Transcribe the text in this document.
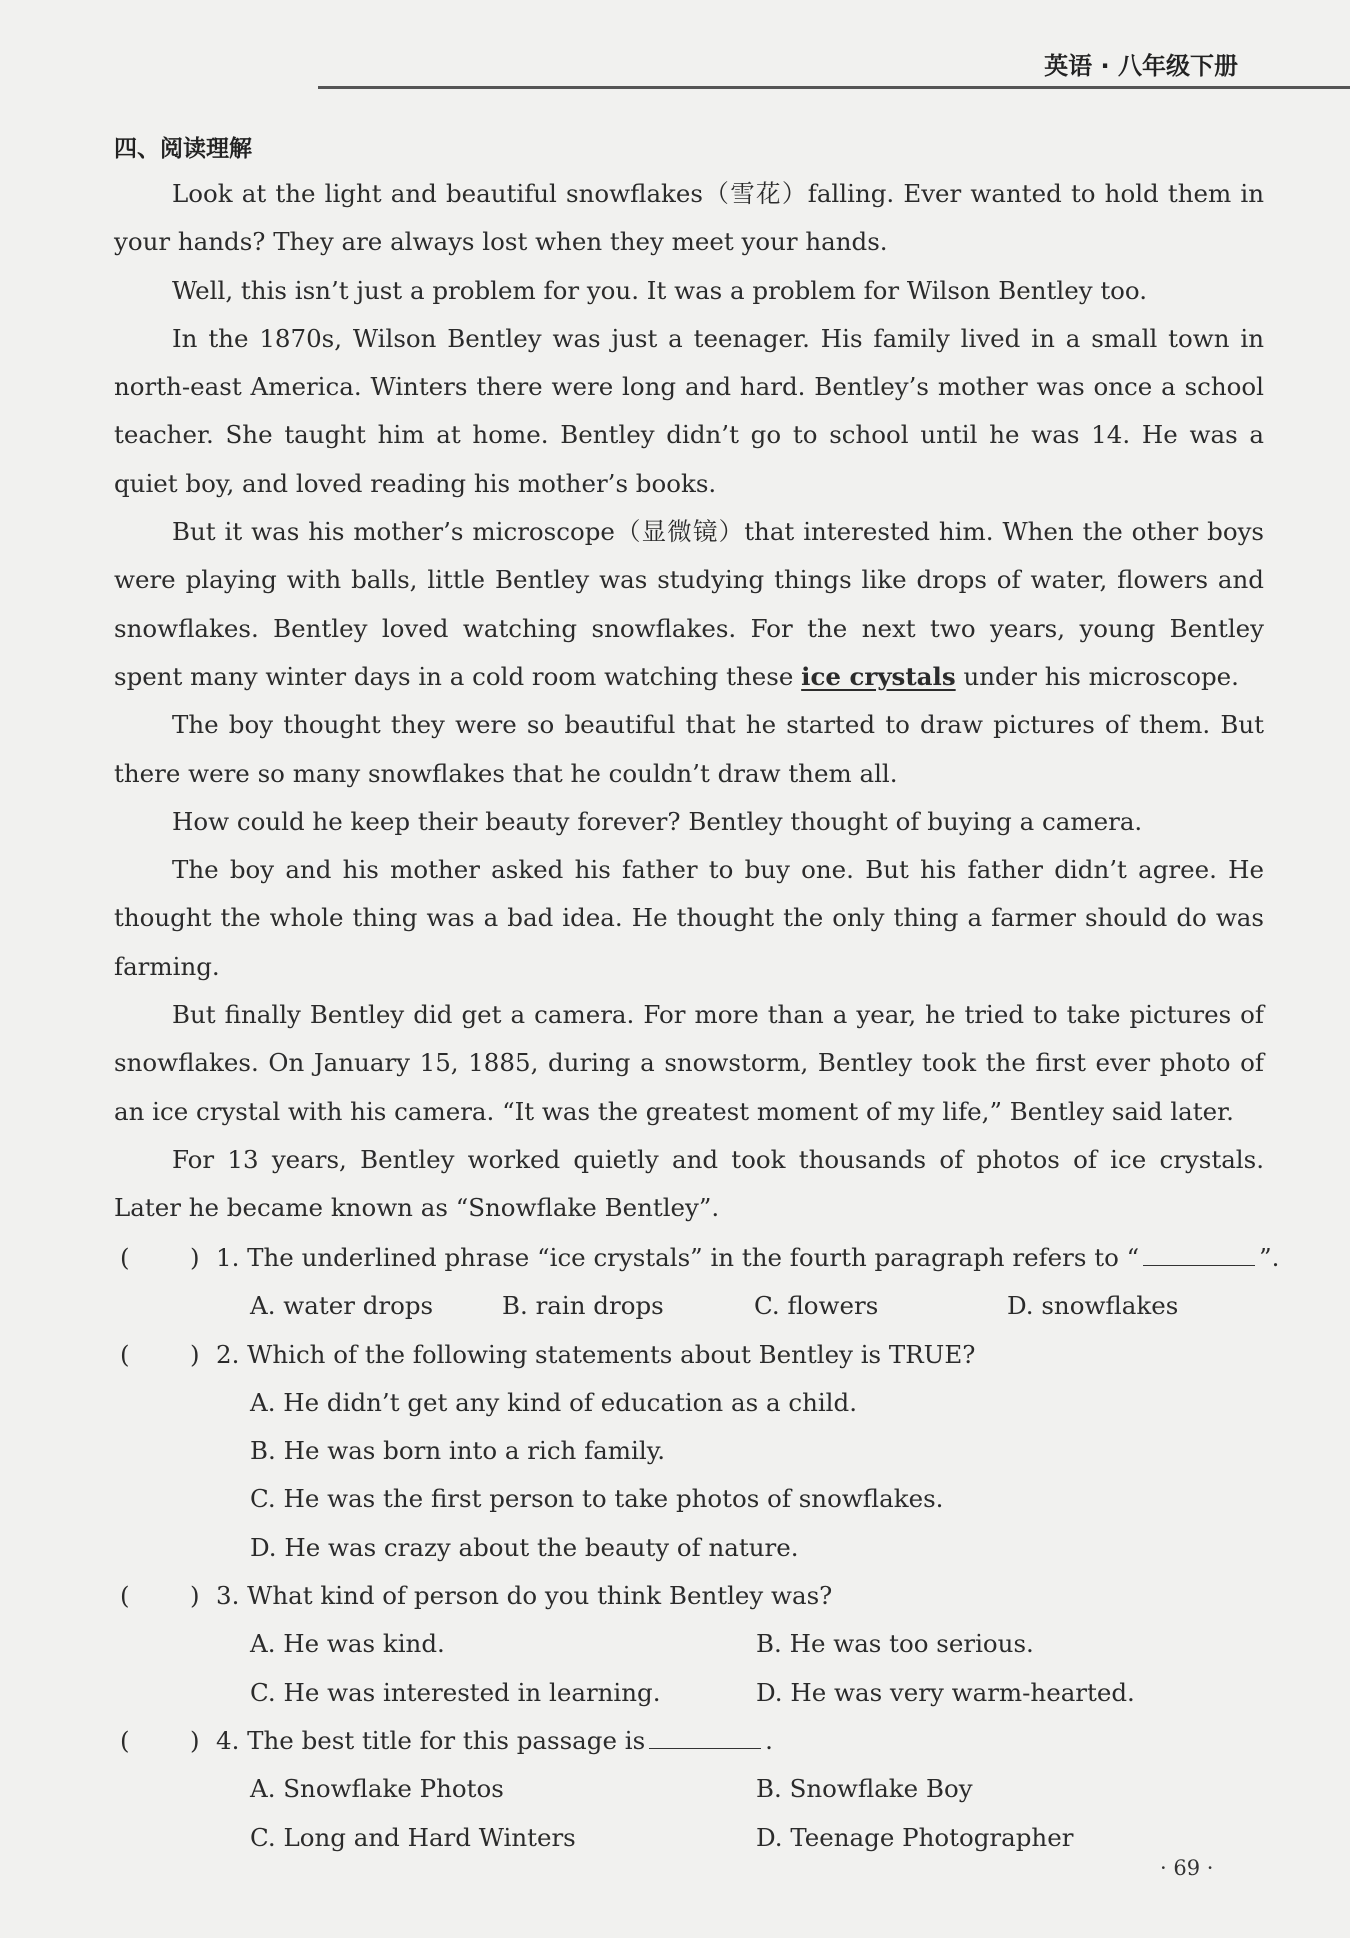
英语 · 八年级下册
四、阅读理解

Look at the light and beautiful snowflakes（雪花）falling. Ever wanted to hold them in your hands? They are always lost when they meet your hands.

Well, this isn’t just a problem for you. It was a problem for Wilson Bentley too.

In the 1870s, Wilson Bentley was just a teenager. His family lived in a small town in north-east America. Winters there were long and hard. Bentley’s mother was once a school teacher. She taught him at home. Bentley didn’t go to school until he was 14. He was a quiet boy, and loved reading his mother’s books.

But it was his mother’s microscope（显微镜）that interested him. When the other boys were playing with balls, little Bentley was studying things like drops of water, flowers and snowflakes. Bentley loved watching snowflakes. For the next two years, young Bentley spent many winter days in a cold room watching these ice crystals under his microscope.

The boy thought they were so beautiful that he started to draw pictures of them. But there were so many snowflakes that he couldn’t draw them all.

How could he keep their beauty forever? Bentley thought of buying a camera.

The boy and his mother asked his father to buy one. But his father didn’t agree. He thought the whole thing was a bad idea. He thought the only thing a farmer should do was farming.

But finally Bentley did get a camera. For more than a year, he tried to take pictures of snowflakes. On January 15, 1885, during a snowstorm, Bentley took the first ever photo of an ice crystal with his camera. “It was the greatest moment of my life,” Bentley said later.

For 13 years, Bentley worked quietly and took thousands of photos of ice crystals. Later he became known as “Snowflake Bentley”.

( ) 1. The underlined phrase “ice crystals” in the fourth paragraph refers to “	”.
A. water drops	B. rain drops	C. flowers	D. snowflakes
( ) 2. Which of the following statements about Bentley is TRUE?
A. He didn’t get any kind of education as a child.
B. He was born into a rich family.
C. He was the first person to take photos of snowflakes.
D. He was crazy about the beauty of nature.
( ) 3. What kind of person do you think Bentley was?
A. He was kind.	B. He was too serious.
C. He was interested in learning.	D. He was very warm-hearted.
( ) 4. The best title for this passage is	.
A. Snowflake Photos	B. Snowflake Boy
C. Long and Hard Winters	D. Teenage Photographer
· 69 ·
